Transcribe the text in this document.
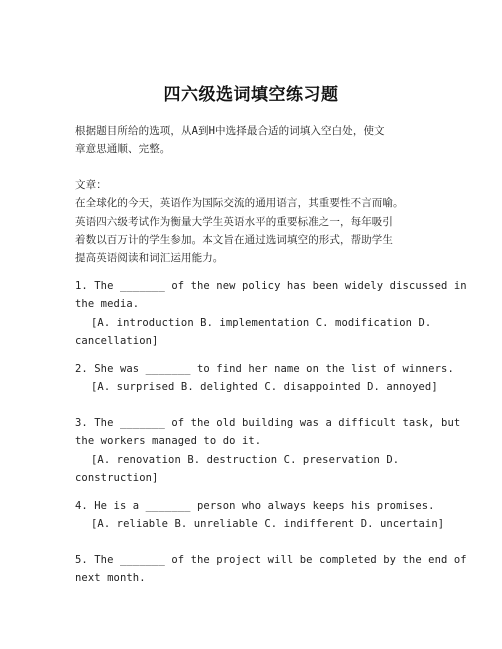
四六级选词填空练习题
根据题目所给的选项，从A到H中选择最合适的词填入空白处，使文
章意思通顺、完整。
文章：
在全球化的今天，英语作为国际交流的通用语言，其重要性不言而喻。
英语四六级考试作为衡量大学生英语水平的重要标准之一，每年吸引
着数以百万计的学生参加。本文旨在通过选词填空的形式，帮助学生
提高英语阅读和词汇运用能力。
1. The _______ of the new policy has been widely discussed in
the media.
[A. introduction B. implementation C. modification D.
cancellation]
2. She was _______ to find her name on the list of winners.
[A. surprised B. delighted C. disappointed D. annoyed]
3. The _______ of the old building was a difficult task, but
the workers managed to do it.
[A. renovation B. destruction C. preservation D.
construction]
4. He is a _______ person who always keeps his promises.
[A. reliable B. unreliable C. indifferent D. uncertain]
5. The _______ of the project will be completed by the end of
next month.
